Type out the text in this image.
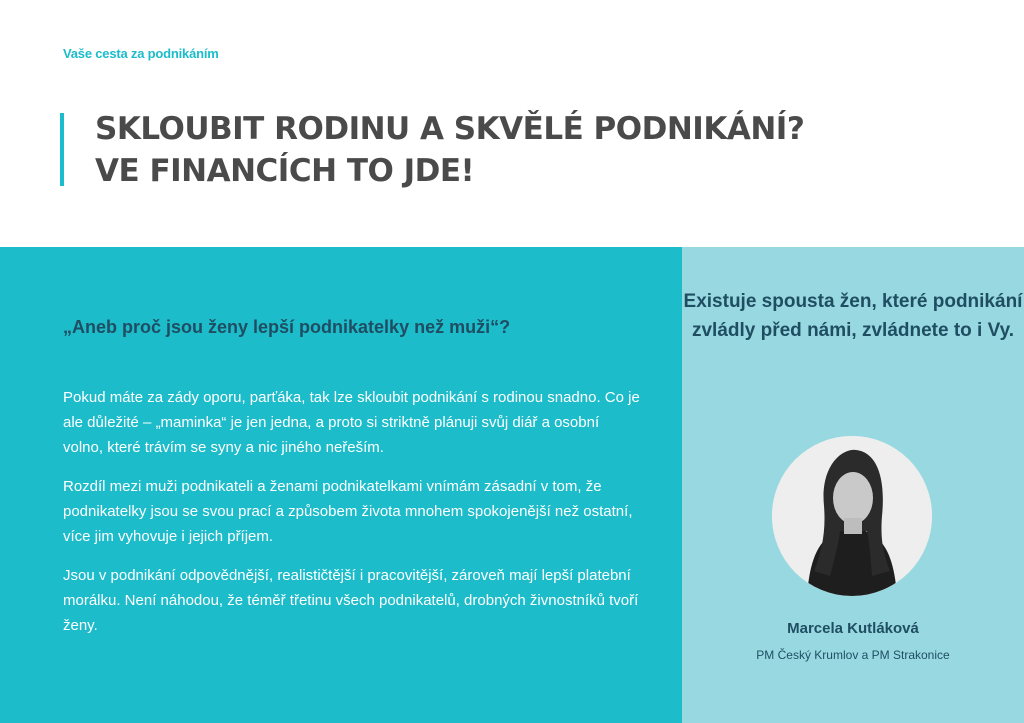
Vaše cesta za podnikáním
SKLOUBIT RODINU A SKVĚLÉ PODNIKÁNÍ?
VE FINANCÍCH TO JDE!
„Aneb proč jsou ženy lepší podnikatelky než muži“?

Pokud máte za zády oporu, parťáka, tak lze skloubit podnikání s rodinou snadno. Co je ale důležité – „maminka“ je jen jedna, a proto si striktně plánuji svůj diář a osobní volno, které trávím se syny a nic jiného neřeším.

Rozdíl mezi muži podnikateli a ženami podnikatelkami vnímám zásadní v tom, že podnikatelky jsou se svou prací a způsobem života mnohem spokojenější než ostatní, více jim vyhovuje i jejich příjem.

Jsou v podnikání odpovědnější, realističtější i pracovitější, zároveň mají lepší platební morálku. Není náhodou, že téměř třetinu všech podnikatelů, drobných živnostníků tvoří ženy.

Existuje spousta žen, které podnikání zvládly před námi, zvládnete to i Vy.
Marcela Kutláková
PM Český Krumlov a PM Strakonice
